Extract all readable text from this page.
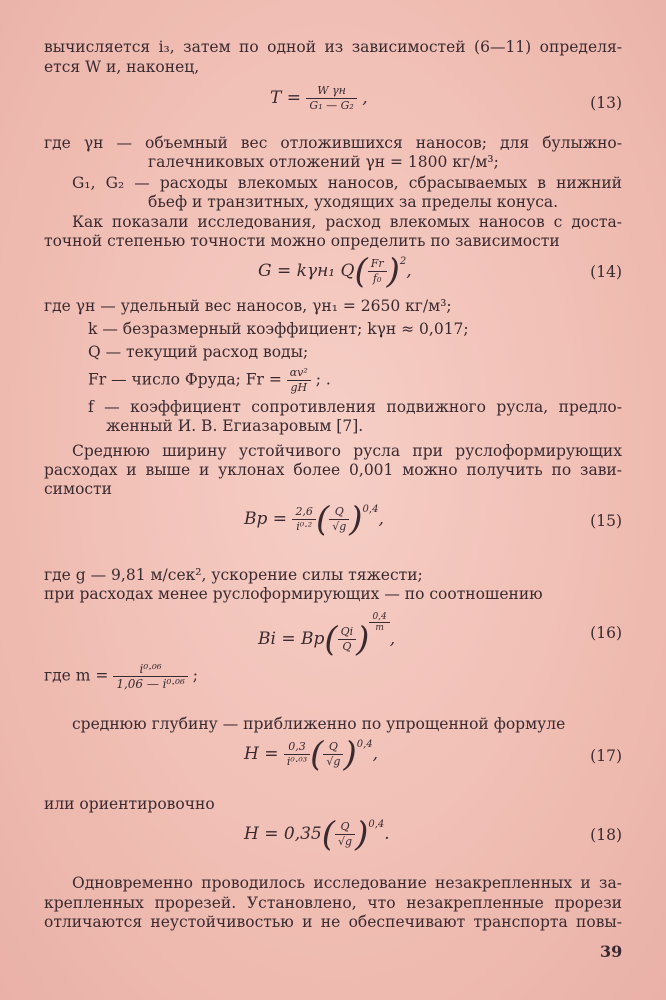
вычисляется i₃, затем по одной из зависимостей (6—11) определя-
ется W и, наконец,
$T = \frac{\text{W γн}}{\text{G₁ — G₂}}$ ,	(13)
где γн — объемный вес отложившихся наносов; для булыжно-
галечниковых отложений γн = 1800 кг/м³;
G₁, G₂ — расходы влекомых наносов, сбрасываемых в нижний
бьеф и транзитных, уходящих за пределы конуса.
Как показали исследования, расход влекомых наносов с доста-
точной степенью точности можно определить по зависимости
G = kγн₁ $Q( \frac{Fr}{\text{f₀}} )^2$,	(14)
где γн — удельный вес наносов, γн₁ = 2650 кг/м³;
k — безразмерный коэффициент; kγн ≈ 0,017;
Q — текущий расход воды;
Fr — число Фруда; $Fr = \frac{\text{αv²}}{gH}$ ; .
f — коэффициент сопротивления подвижного русла, предло-
женный И. В. Егиазаровым [7].
Среднюю ширину устойчивого русла при руслоформирующих
расходах и выше и уклонах более 0,001 можно получить по зави-
симости
Bр = $\frac{2,6}{\text{i⁰·²}}$ ( $\frac{Q}{√g} )^{0,4}$,	(15)
где g — 9,81 м/сек², ускорение силы тяжести;
при расходах менее руслоформирующих — по соотношению
$Bi = Bр( \frac{Qi}{Q}$ ) $\frac{0,4}{m}$
,	(16)
где $m = \frac{\text{i⁰·⁰⁶}}{\text{1,06 — i⁰·⁰⁶}}$ ;
среднюю глубину — приближенно по упрощенной формуле
$H = \frac{0,3}{\text{i⁰·⁰³}}$ ( $\frac{Q}{√g} )^{0,4}$,	(17)
или ориентировочно
$H = 0,35( \frac{Q}{√g} )^{0,4}$.	(18)
Одновременно проводилось исследование незакрепленных и за-
крепленных прорезей. Установлено, что незакрепленные прорези
отличаются неустойчивостью и не обеспечивают транспорта повы-
39
